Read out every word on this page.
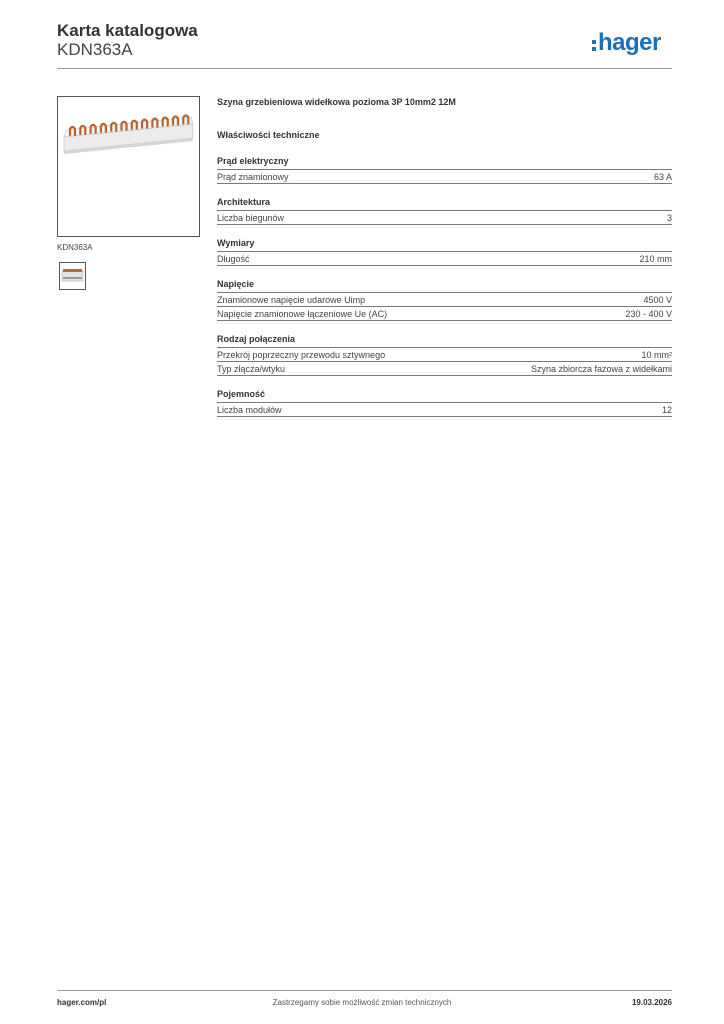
Karta katalogowa
KDN363A	hager
KDN363A
Szyna grzebieniowa widełkowa pozioma 3P 10mm2 12M
Właściwości techniczne
Prąd elektryczny
Prąd znamionowy	63 A
Architektura
Liczba biegunów	3
Wymiary
Długość	210 mm
Napięcie
Znamionowe napięcie udarowe Uimp	4500 V
Napięcie znamionowe łączeniowe Ue (AC)	230 - 400 V
Rodzaj połączenia
Przekrój poprzeczny przewodu sztywnego	10 mm²
Typ złącza/wtyku	Szyna zbiorcza fazowa z widełkami
Pojemność
Liczba modułów	12
hager.com/pl	Zastrzegamy sobie możliwość zmian technicznych	19.03.2026
